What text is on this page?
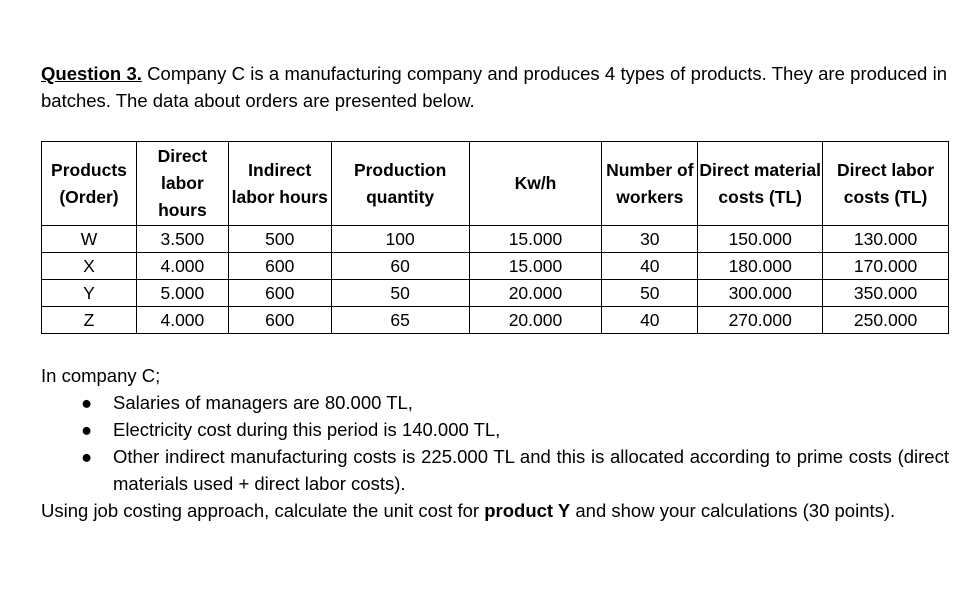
Question 3. Company C is a manufacturing company and produces 4 types of products. They are produced in batches. The data about orders are presented below.
Products (Order)	Direct labor hours	Indirect labor hours	Production quantity	Kw/h	Number of workers	Direct material costs (TL)	Direct labor costs (TL)
W	3.500	500	100	15.000	30	150.000	130.000
X	4.000	600	60	15.000	40	180.000	170.000
Y	5.000	600	50	20.000	50	300.000	350.000
Z	4.000	600	65	20.000	40	270.000	250.000

In company C;

● Salaries of managers are 80.000 TL,
● Electricity cost during this period is 140.000 TL,
● Other indirect manufacturing costs is 225.000 TL and this is allocated according to prime costs (direct materials used + direct labor costs).

Using job costing approach, calculate the unit cost for product Y and show your calculations (30 points).
